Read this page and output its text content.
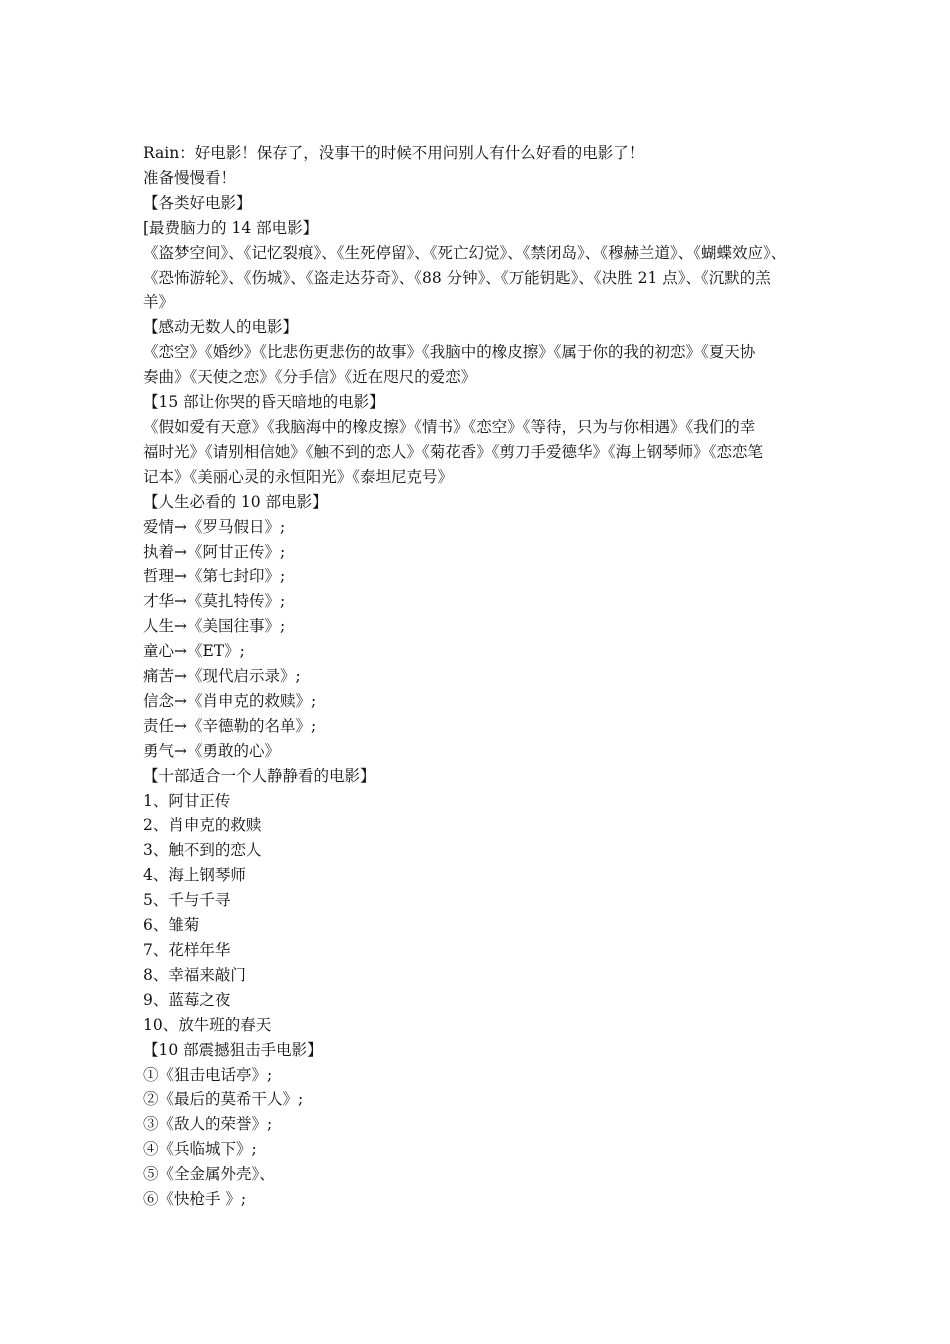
Rain：好电影！保存了，没事干的时候不用问别人有什么好看的电影了！

准备慢慢看！

【各类好电影】

[最费脑力的 14 部电影】

《盗梦空间》、《记忆裂痕》、《生死停留》、《死亡幻觉》、《禁闭岛》、《穆赫兰道》、《蝴蝶效应》、

《恐怖游轮》、《伤城》、《盗走达芬奇》、《88 分钟》、《万能钥匙》、《决胜 21 点》、《沉默的羔

羊》

【感动无数人的电影】

《恋空》《婚纱》《比悲伤更悲伤的故事》《我脑中的橡皮擦》《属于你的我的初恋》《夏天协

奏曲》《天使之恋》《分手信》《近在咫尺的爱恋》

【15 部让你哭的昏天暗地的电影】

《假如爱有天意》《我脑海中的橡皮擦》《情书》《恋空》《等待，只为与你相遇》《我们的幸

福时光》《请别相信她》《触不到的恋人》《菊花香》《剪刀手爱德华》《海上钢琴师》《恋恋笔

记本》《美丽心灵的永恒阳光》《泰坦尼克号》

【人生必看的 10 部电影】

爱情→《罗马假日》;

执着→《阿甘正传》;

哲理→《第七封印》;

才华→《莫扎特传》;

人生→《美国往事》;

童心→《ET》;

痛苦→《现代启示录》;

信念→《肖申克的救赎》;

责任→《辛德勒的名单》;

勇气→《勇敢的心》

【十部适合一个人静静看的电影】

1、阿甘正传

2、肖申克的救赎

3、触不到的恋人

4、海上钢琴师

5、千与千寻

6、雏菊

7、花样年华

8、幸福来敲门

9、蓝莓之夜

10、放牛班的春天

【10 部震撼狙击手电影】

①《狙击电话亭》;

②《最后的莫希干人》;

③《敌人的荣誉》;

④《兵临城下》;

⑤《全金属外壳》、

⑥《快枪手 》;
